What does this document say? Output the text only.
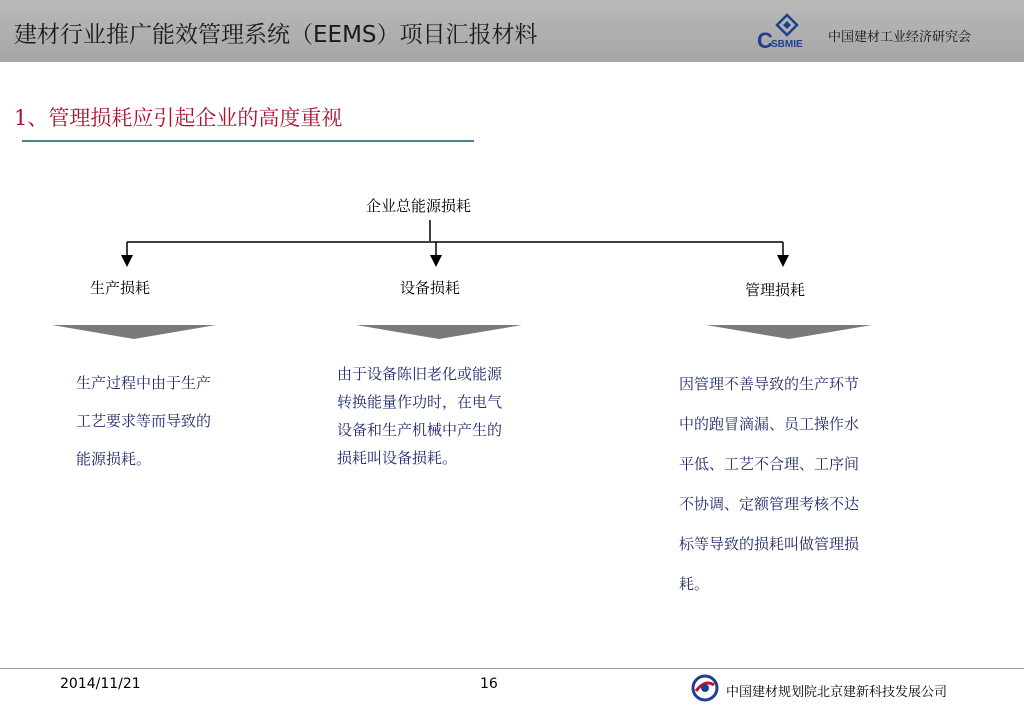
建材行业推广能效管理系统（EEMS）项目汇报材料	C
SBMIE 中国建材工业经济研究会
1、管理损耗应引起企业的高度重视
企业总能源损耗
生产损耗	设备损耗	管理损耗
生产过程中由于生产
工艺要求等而导致的
能源损耗。
由于设备陈旧老化或能源
转换能量作功时，在电气
设备和生产机械中产生的
损耗叫设备损耗。
因管理不善导致的生产环节
中的跑冒滴漏、员工操作水
平低、工艺不合理、工序间
不协调、定额管理考核不达
标等导致的损耗叫做管理损
耗。
2014/11/21	16
中国建材规划院北京建新科技发展公司
